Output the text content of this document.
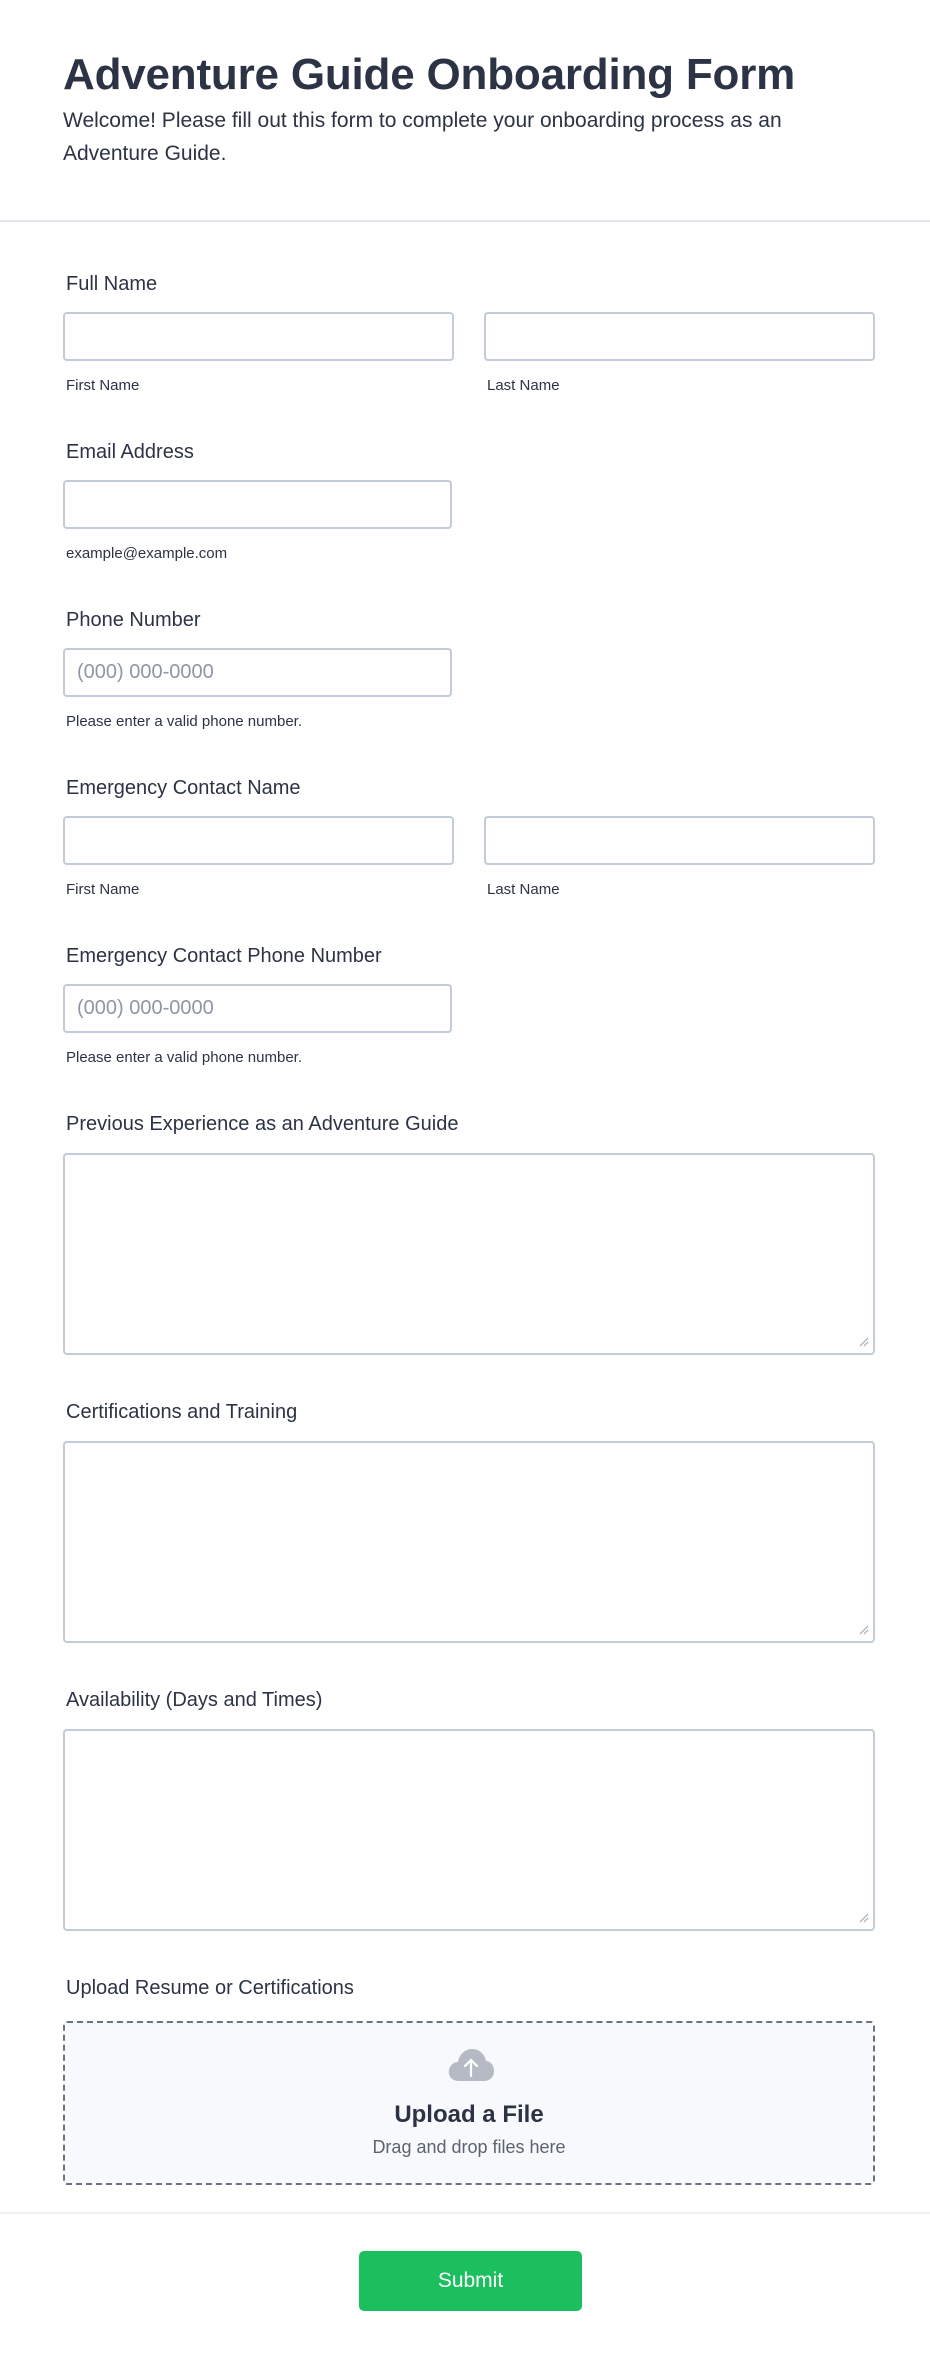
Adventure Guide Onboarding Form

Welcome! Please fill out this form to complete your onboarding process as an Adventure Guide.

Full Name
First Name	Last Name
Email Address
example@example.com
Phone Number
(000) 000-0000
Please enter a valid phone number.
Emergency Contact Name
First Name	Last Name
Emergency Contact Phone Number
(000) 000-0000
Please enter a valid phone number.
Previous Experience as an Adventure Guide
Certifications and Training
Availability (Days and Times)
Upload Resume or Certifications
Upload a File
Drag and drop files here
Submit
